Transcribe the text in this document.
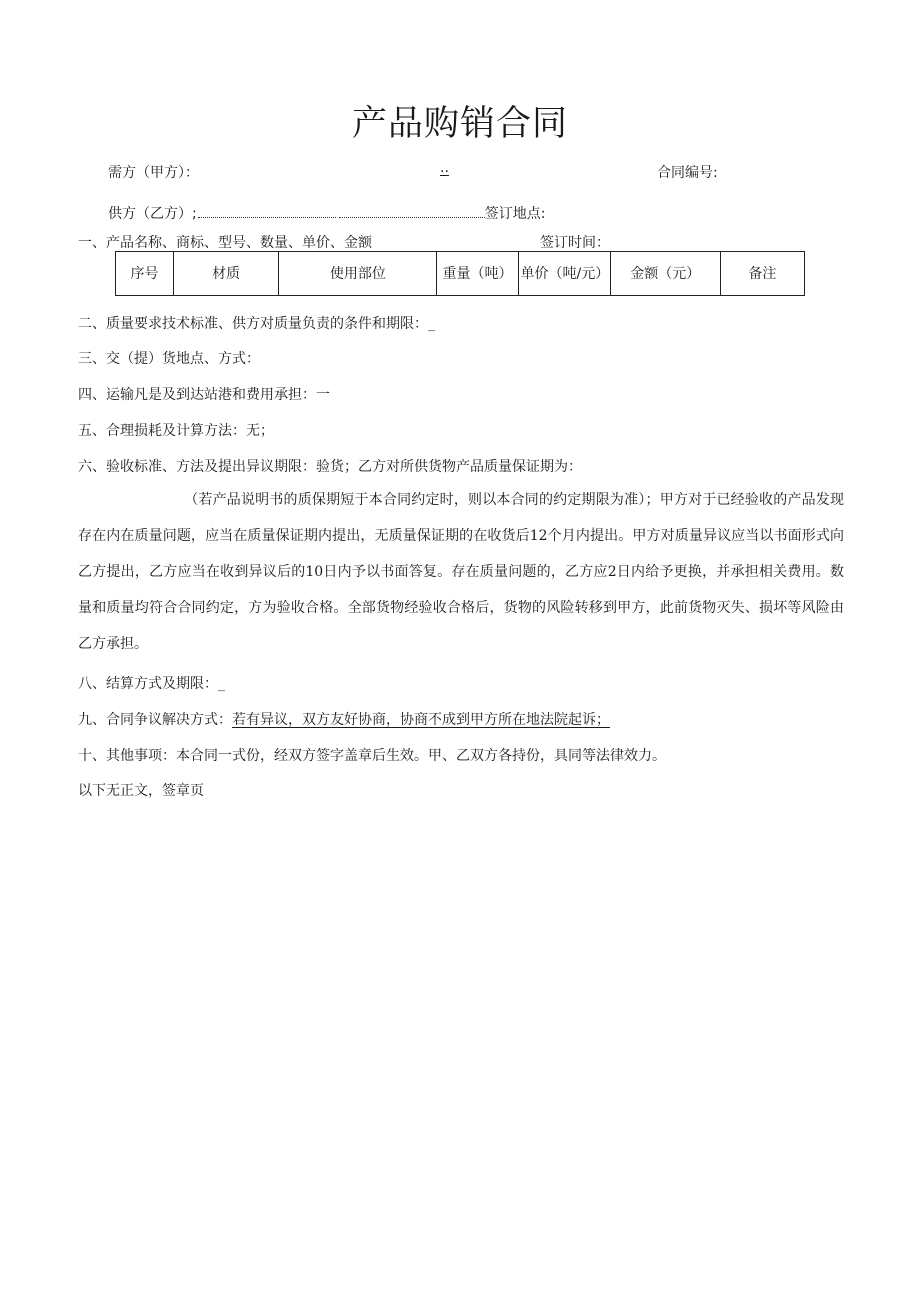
产品购销合同
需方（甲方）：	..	合同编号:
供方（乙方）;	签订地点:
一、产品名称、商标、型号、数量、单价、金额	签订时间：
序号	材质	使用部位	重量（吨）	单价（吨/元）	金额（元）	备注
二、质量要求技术标准、供方对质量负责的条件和期限：_
三、交（提）货地点、方式：
四、运输凡是及到达站港和费用承担：一
五、合理损耗及计算方法：无；
六、验收标准、方法及提出异议期限：验货；乙方对所供货物产品质量保证期为：
（若产品说明书的质保期短于本合同约定时，则以本合同的约定期限为准）；甲方对于已经验收的产品发现存在内在质量问题，应当在质量保证期内提出，无质量保证期的在收货后12个月内提出。甲方对质量异议应当以书面形式向乙方提出，乙方应当在收到异议后的10日内予以书面答复。存在质量问题的，乙方应2日内给予更换，并承担相关费用。数量和质量均符合合同约定，方为验收合格。全部货物经验收合格后，货物的风险转移到甲方，此前货物灭失、损坏等风险由乙方承担。
八、结算方式及期限：_
九、合同争议解决方式：若有异议，双方友好协商，协商不成到甲方所在地法院起诉；
十、其他事项：本合同一式份，经双方签字盖章后生效。甲、乙双方各持份，具同等法律效力。
以下无正文，签章页
